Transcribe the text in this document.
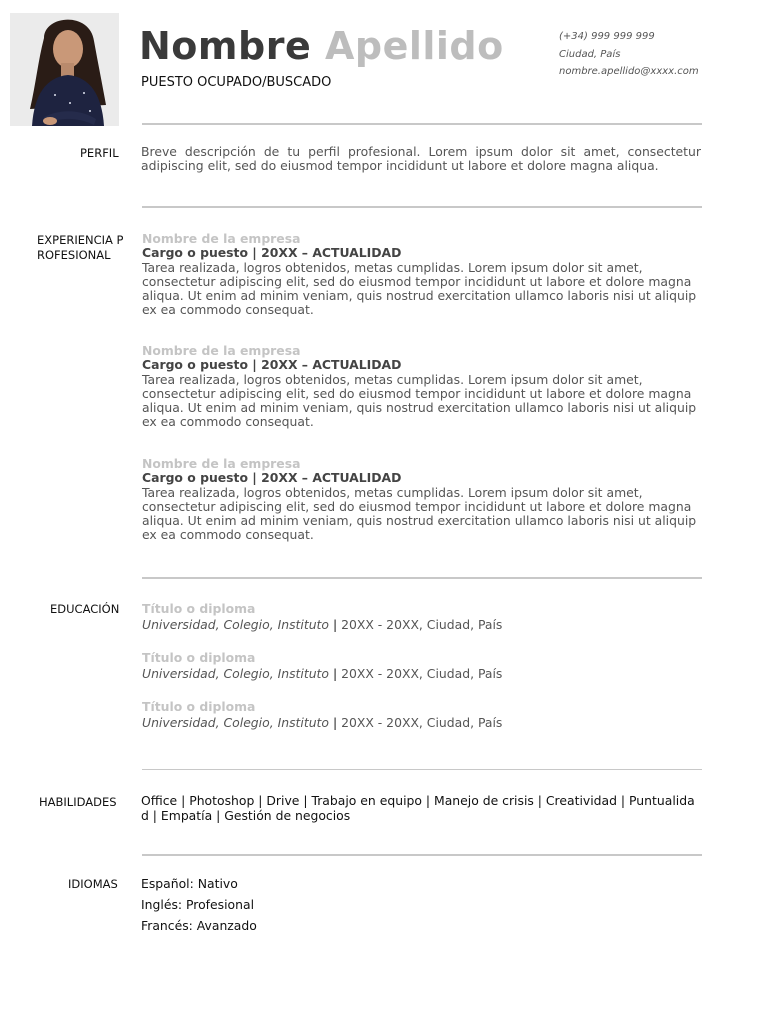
Nombre Apellido
PUESTO OCUPADO/BUSCADO
(+34) 999 999 999
Ciudad, País
nombre.apellido@xxxx.com
PERFIL Breve descripción de tu perfil profesional. Lorem ipsum dolor sit amet, consectetur adipiscing elit, sed do eiusmod tempor incididunt ut labore et dolore magna aliqua.
EXPERIENCIA P
ROFESIONAL
Nombre de la empresa
Cargo o puesto | 20XX – ACTUALIDAD
Tarea realizada, logros obtenidos, metas cumplidas. Lorem ipsum dolor sit amet, consectetur adipiscing elit, sed do eiusmod tempor incididunt ut labore et dolore magna aliqua. Ut enim ad minim veniam, quis nostrud exercitation ullamco laboris nisi ut aliquip ex ea commodo consequat.
Nombre de la empresa
Cargo o puesto | 20XX – ACTUALIDAD
Tarea realizada, logros obtenidos, metas cumplidas. Lorem ipsum dolor sit amet, consectetur adipiscing elit, sed do eiusmod tempor incididunt ut labore et dolore magna aliqua. Ut enim ad minim veniam, quis nostrud exercitation ullamco laboris nisi ut aliquip ex ea commodo consequat.
Nombre de la empresa
Cargo o puesto | 20XX – ACTUALIDAD
Tarea realizada, logros obtenidos, metas cumplidas. Lorem ipsum dolor sit amet, consectetur adipiscing elit, sed do eiusmod tempor incididunt ut labore et dolore magna aliqua. Ut enim ad minim veniam, quis nostrud exercitation ullamco laboris nisi ut aliquip ex ea commodo consequat.
EDUCACIÓN Título o diploma
Universidad, Colegio, Instituto | 20XX - 20XX, Ciudad, País
Título o diploma
Universidad, Colegio, Instituto | 20XX - 20XX, Ciudad, País
Título o diploma
Universidad, Colegio, Instituto | 20XX - 20XX, Ciudad, País
HABILIDADES Office | Photoshop | Drive | Trabajo en equipo | Manejo de crisis | Creatividad | Puntualidad | Empatía | Gestión de negocios
IDIOMAS Español: Nativo
Inglés: Profesional
Francés: Avanzado
